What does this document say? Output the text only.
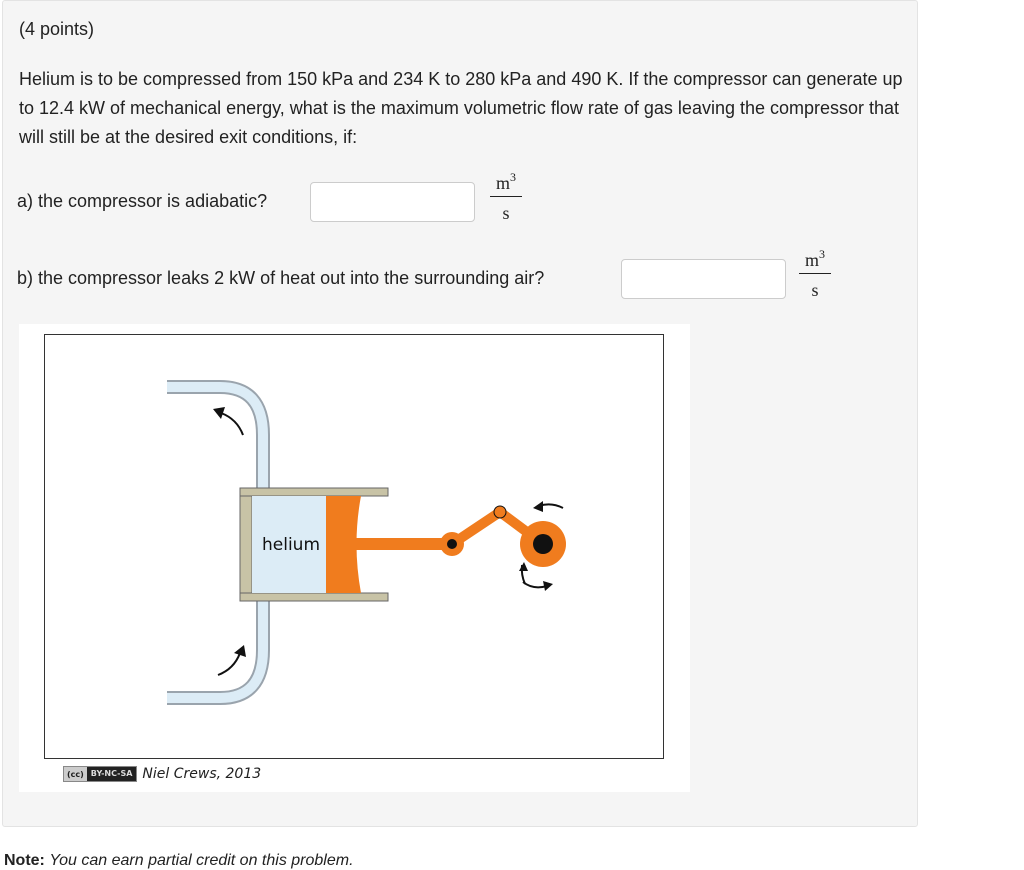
(4 points)

Helium is to be compressed from 150 kPa and 234 K to 280 kPa and 490 K. If the compressor can generate up to 12.4 kW of mechanical energy, what is the maximum volumetric flow rate of gas leaving the compressor that will still be at the desired exit conditions, if:

a) the compressor is adiabatic?
$m^3$
s
b) the compressor leaks 2 kW of heat out into the surrounding air?
$m^3$
s
helium
(cc) BY-NC-SA Niel Crews, 2013
Note: You can earn partial credit on this problem.
